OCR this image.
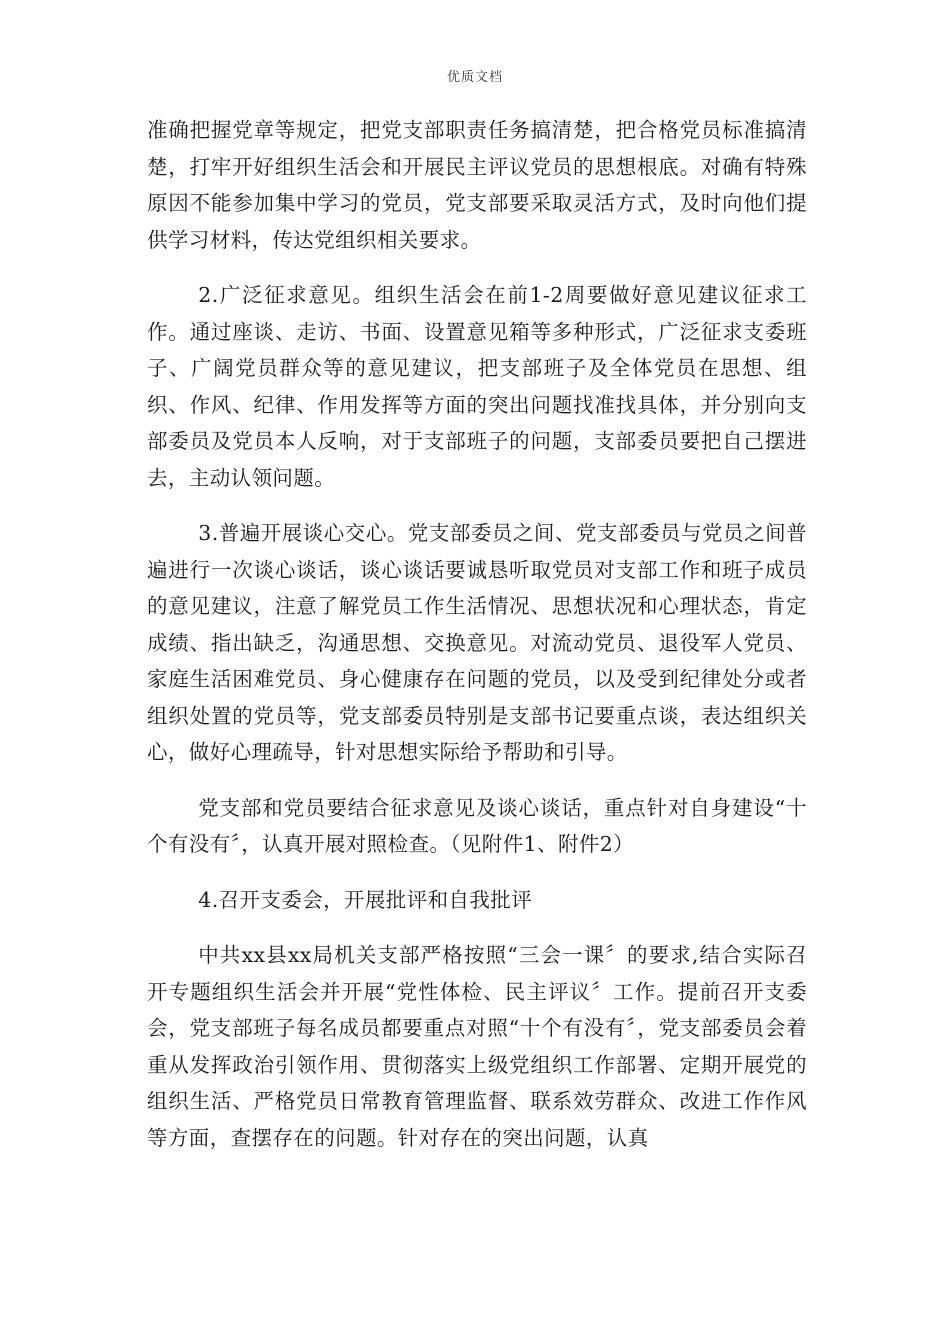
优质文档

准确把握党章等规定，把党支部职责任务搞清楚，把合格党员标准搞清楚，打牢开好组织生活会和开展民主评议党员的思想根底。对确有特殊原因不能参加集中学习的党员，党支部要采取灵活方式，及时向他们提供学习材料，传达党组织相关要求。

2.广泛征求意见。组织生活会在前1-2周要做好意见建议征求工作。通过座谈、走访、书面、设置意见箱等多种形式，广泛征求支委班子、广阔党员群众等的意见建议，把支部班子及全体党员在思想、组织、作风、纪律、作用发挥等方面的突出问题找准找具体，并分别向支部委员及党员本人反响，对于支部班子的问题，支部委员要把自己摆进去，主动认领问题。

3.普遍开展谈心交心。党支部委员之间、党支部委员与党员之间普遍进行一次谈心谈话，谈心谈话要诚恳听取党员对支部工作和班子成员的意见建议，注意了解党员工作生活情况、思想状况和心理状态，肯定成绩、指出缺乏，沟通思想、交换意见。对流动党员、退役军人党员、家庭生活困难党员、身心健康存在问题的党员，以及受到纪律处分或者组织处置的党员等，党支部委员特别是支部书记要重点谈，表达组织关心，做好心理疏导，针对思想实际给予帮助和引导。

党支部和党员要结合征求意见及谈心谈话，重点针对自身建设“十个有没有〞，认真开展对照检查。（见附件1、附件2）

4.召开支委会，开展批评和自我批评

中共xx县xx局机关支部严格按照“三会一课〞的要求,结合实际召开专题组织生活会并开展“党性体检、民主评议〞工作。提前召开支委会，党支部班子每名成员都要重点对照“十个有没有〞，党支部委员会着重从发挥政治引领作用、贯彻落实上级党组织工作部署、定期开展党的组织生活、严格党员日常教育管理监督、联系效劳群众、改进工作作风等方面，查摆存在的问题。针对存在的突出问题，认真
